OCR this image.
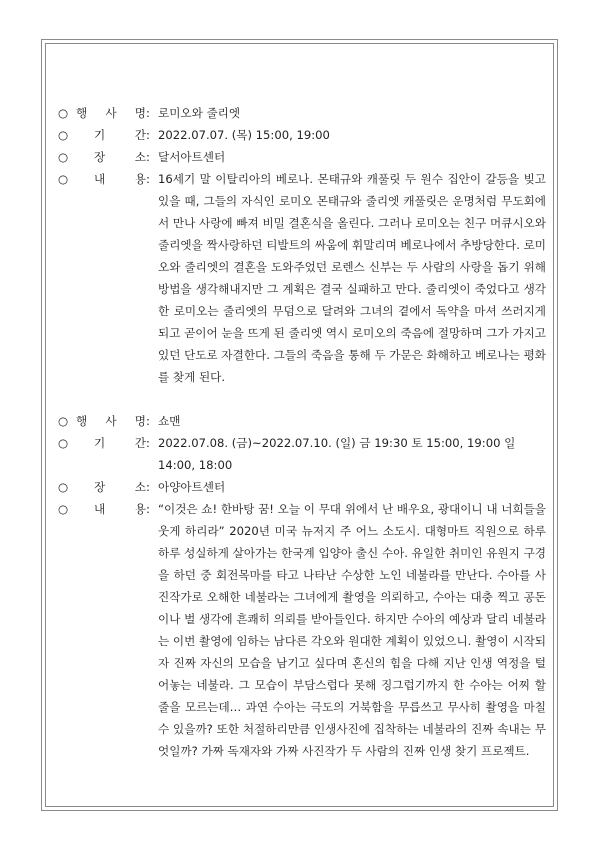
○ 행 사 명 : 로미오와 줄리엣
○	기	간 : 2022.07.07. (목) 15:00, 19:00
○	장	소 : 달서아트센터
○	내	용 : 16세기 말 이탈리아의 베로나. 몬태규와 캐풀릿 두 원수 집안이 갈등을 빚고 있을 때, 그들의 자식인 로미오 몬태규와 줄리엣 캐풀릿은 운명처럼 무도회에서 만나 사랑에 빠져 비밀 결혼식을 올린다. 그러나 로미오는 친구 머큐시오와 줄리엣을 짝사랑하던 티발트의 싸움에 휘말리며 베로나에서 추방당한다. 로미오와 줄리엣의 결혼을 도와주었던 로렌스 신부는 두 사람의 사랑을 돕기 위해 방법을 생각해내지만 그 계획은 결국 실패하고 만다. 줄리엣이 죽었다고 생각한 로미오는 줄리엣의 무덤으로 달려와 그녀의 곁에서 독약을 마셔 쓰러지게 되고 곧이어 눈을 뜨게 된 줄리엣 역시 로미오의 죽음에 절망하며 그가 가지고 있던 단도로 자결한다. 그들의 죽음을 통해 두 가문은 화해하고 베로나는 평화를 찾게 된다.
○ 행 사 명 : 쇼맨
○	기	간 : 2022.07.08. (금)~2022.07.10. (일) 금 19:30 토 15:00, 19:00 일 14:00, 18:00
○	장	소 : 아양아트센터
○	내	용 : “이것은 쇼! 한바탕 꿈! 오늘 이 무대 위에서 난 배우요, 광대이니 내 너희들을 웃게 하리라” 2020년 미국 뉴저지 주 어느 소도시. 대형마트 직원으로 하루하루 성실하게 살아가는 한국계 입양아 출신 수아. 유일한 취미인 유원지 구경을 하던 중 회전목마를 타고 나타난 수상한 노인 네불라를 만난다. 수아를 사진작가로 오해한 네불라는 그녀에게 촬영을 의뢰하고, 수아는 대충 찍고 공돈이나 벌 생각에 흔쾌히 의뢰를 받아들인다. 하지만 수아의 예상과 달리 네불라는 이번 촬영에 임하는 남다른 각오와 원대한 계획이 있었으니. 촬영이 시작되자 진짜 자신의 모습을 남기고 싶다며 혼신의 힘을 다해 지난 인생 역정을 털어놓는 네불라. 그 모습이 부담스럽다 못해 징그럽기까지 한 수아는 어찌 할 줄을 모르는데… 과연 수아는 극도의 거북함을 무릅쓰고 무사히 촬영을 마칠 수 있을까? 또한 처절하리만큼 인생사진에 집착하는 네불라의 진짜 속내는 무엇일까? 가짜 독재자와 가짜 사진작가 두 사람의 진짜 인생 찾기 프로젝트.
